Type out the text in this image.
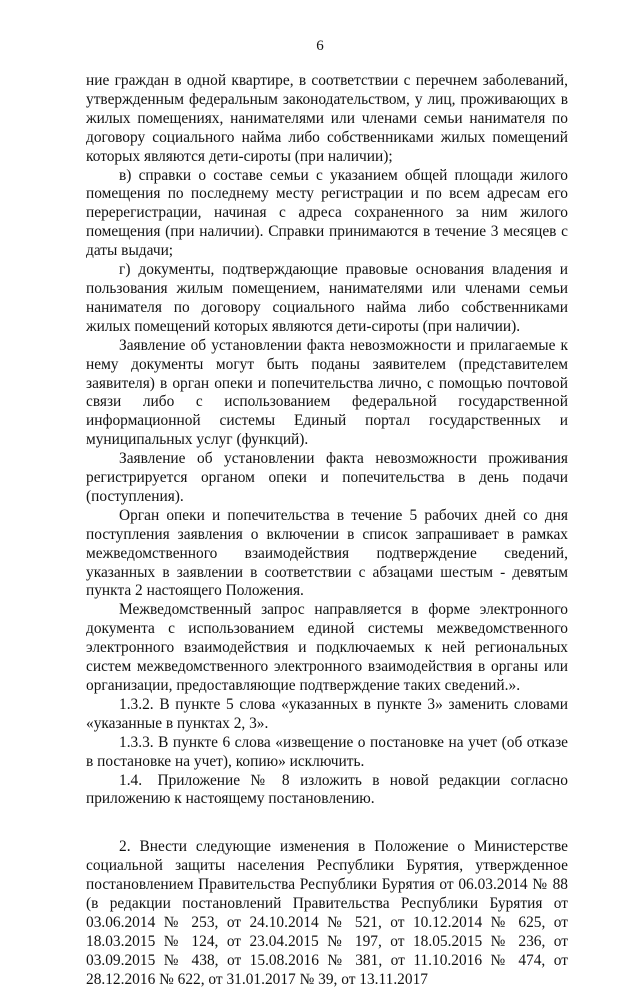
6

ние граждан в одной квартире, в соответствии с перечнем заболеваний, утвержденным федеральным законодательством, у лиц, проживающих в жилых помещениях, нанимателями или членами семьи нанимателя по договору социального найма либо собственниками жилых помещений которых являются дети-сироты (при наличии);

в) справки о составе семьи с указанием общей площади жилого помещения по последнему месту регистрации и по всем адресам его перерегистрации, начиная с адреса сохраненного за ним жилого помещения (при наличии). Справки принимаются в течение 3 месяцев с даты выдачи;

г) документы, подтверждающие правовые основания владения и пользования жилым помещением, нанимателями или членами семьи нанимателя по договору социального найма либо собственниками жилых помещений которых являются дети-сироты (при наличии).

Заявление об установлении факта невозможности и прилагаемые к нему документы могут быть поданы заявителем (представителем заявителя) в орган опеки и попечительства лично, с помощью почтовой связи либо с использованием федеральной государственной информационной системы Единый портал государственных и муниципальных услуг (функций).

Заявление об установлении факта невозможности проживания регистрируется органом опеки и попечительства в день подачи (поступления).

Орган опеки и попечительства в течение 5 рабочих дней со дня поступления заявления о включении в список запрашивает в рамках межведомственного взаимодействия подтверждение сведений, указанных в заявлении в соответствии с абзацами шестым - девятым пункта 2 настоящего Положения.

Межведомственный запрос направляется в форме электронного документа с использованием единой системы межведомственного электронного взаимодействия и подключаемых к ней региональных систем межведомственного электронного взаимодействия в органы или организации, предоставляющие подтверждение таких сведений.».

1.3.2. В пункте 5 слова «указанных в пункте 3» заменить словами «указанные в пунктах 2, 3».

1.3.3. В пункте 6 слова «извещение о постановке на учет (об отказе в постановке на учет), копию» исключить.

1.4. Приложение № 8 изложить в новой редакции согласно приложению к настоящему постановлению.

2. Внести следующие изменения в Положение о Министерстве социальной защиты населения Республики Бурятия, утвержденное постановлением Правительства Республики Бурятия от 06.03.2014 № 88 (в редакции постановлений Правительства Республики Бурятия от 03.06.2014 № 253, от 24.10.2014 № 521, от 10.12.2014 № 625, от 18.03.2015 № 124, от 23.04.2015 № 197, от 18.05.2015 № 236, от 03.09.2015 № 438, от 15.08.2016 № 381, от 11.10.2016 № 474, от 28.12.2016 № 622, от 31.01.2017 № 39, от 13.11.2017
